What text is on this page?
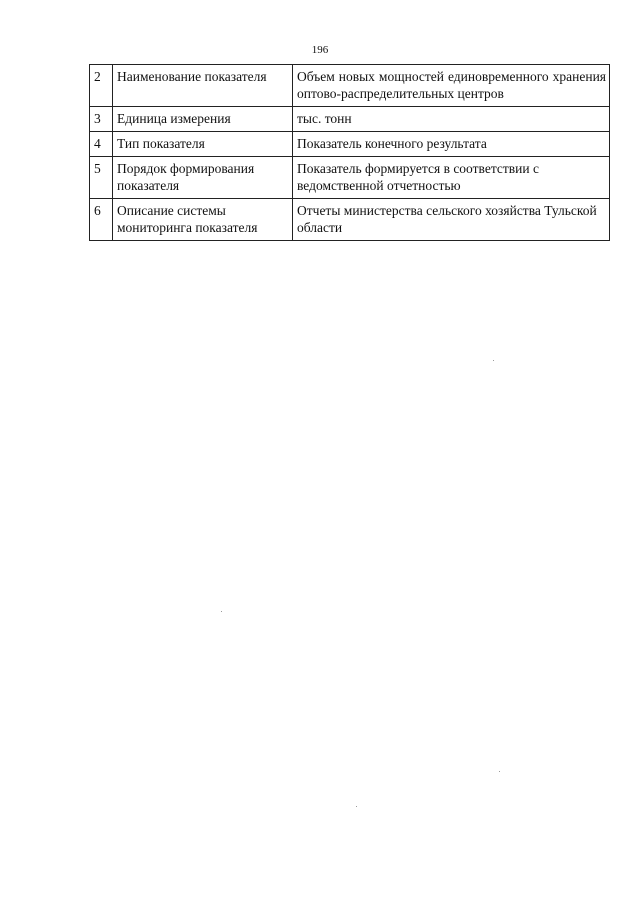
196
2	Наименование показателя	Объем новых мощностей единовременного хранения оптово-распределительных центров
3	Единица измерения	тыс. тонн
4	Тип показателя	Показатель конечного результата
5	Порядок формирования показателя	Показатель формируется в соответствии с ведомственной отчетностью
6	Описание системы мониторинга показателя	Отчеты министерства сельского хозяйства Тульской области
